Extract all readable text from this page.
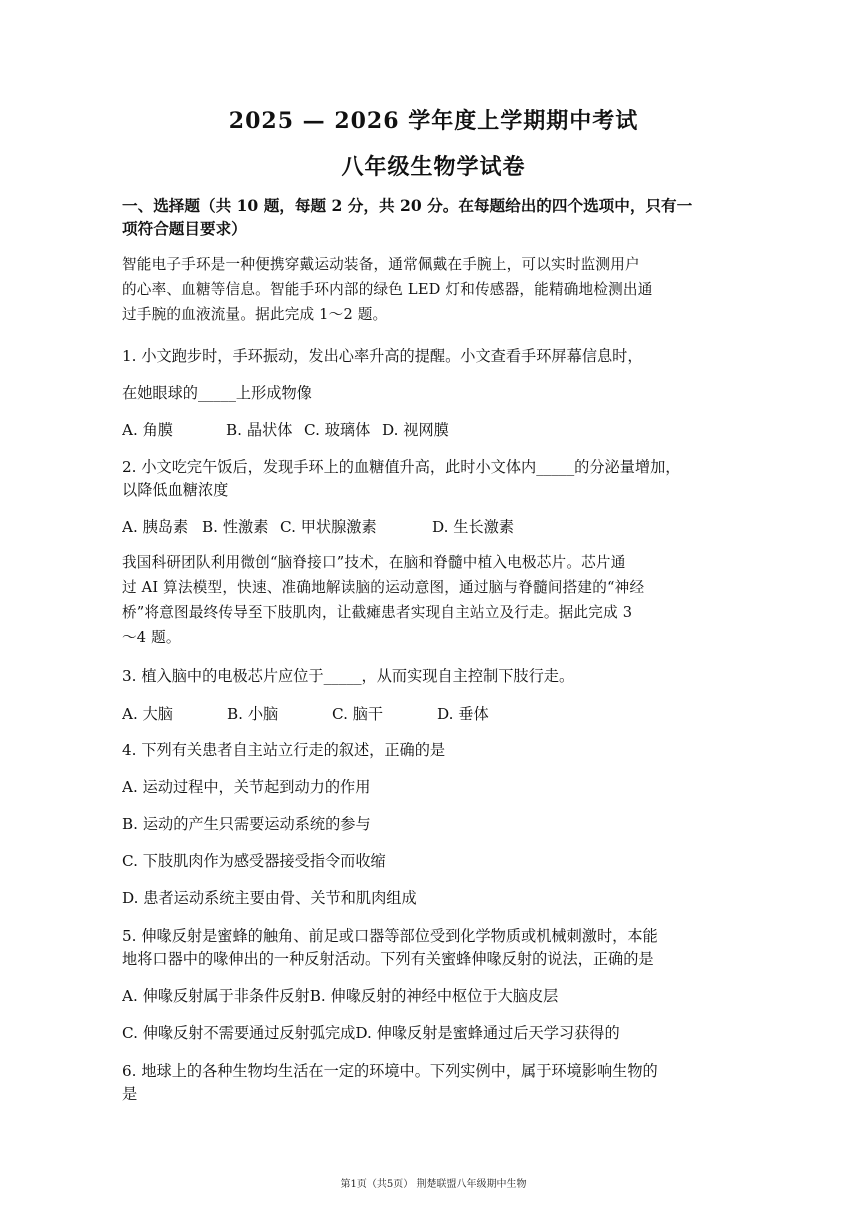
2025 — 2026 学年度上学期期中考试
八年级生物学试卷
一、选择题（共 10 题，每题 2 分，共 20 分。在每题给出的四个选项中，只有一
项符合题目要求）
智能电子手环是一种便携穿戴运动装备，通常佩戴在手腕上，可以实时监测用户
的心率、血糖等信息。智能手环内部的绿色 LED 灯和传感器，能精确地检测出通
过手腕的血液流量。据此完成 1～2 题。
1. 小文跑步时，手环振动，发出心率升高的提醒。小文查看手环屏幕信息时，
在她眼球的_____上形成物像
A. 角膜	B. 晶状体 C. 玻璃体 D. 视网膜
2. 小文吃完午饭后，发现手环上的血糖值升高，此时小文体内_____的分泌量增加，
以降低血糖浓度
A. 胰岛素 B. 性激素 C. 甲状腺激素	D. 生长激素
我国科研团队利用微创“脑脊接口”技术，在脑和脊髓中植入电极芯片。芯片通
过 AI 算法模型，快速、准确地解读脑的运动意图，通过脑与脊髓间搭建的“神经
桥”将意图最终传导至下肢肌肉，让截瘫患者实现自主站立及行走。据此完成 3
～4 题。
3. 植入脑中的电极芯片应位于_____，从而实现自主控制下肢行走。
A. 大脑	B. 小脑	C. 脑干	D. 垂体
4. 下列有关患者自主站立行走的叙述，正确的是
A. 运动过程中，关节起到动力的作用
B. 运动的产生只需要运动系统的参与
C. 下肢肌肉作为感受器接受指令而收缩
D. 患者运动系统主要由骨、关节和肌肉组成
5. 伸喙反射是蜜蜂的触角、前足或口器等部位受到化学物质或机械刺激时，本能
地将口器中的喙伸出的一种反射活动。下列有关蜜蜂伸喙反射的说法，正确的是
A. 伸喙反射属于非条件反射B. 伸喙反射的神经中枢位于大脑皮层
C. 伸喙反射不需要通过反射弧完成D. 伸喙反射是蜜蜂通过后天学习获得的
6. 地球上的各种生物均生活在一定的环境中。下列实例中，属于环境影响生物的
是
第1页（共5页） 荆楚联盟八年级期中生物
